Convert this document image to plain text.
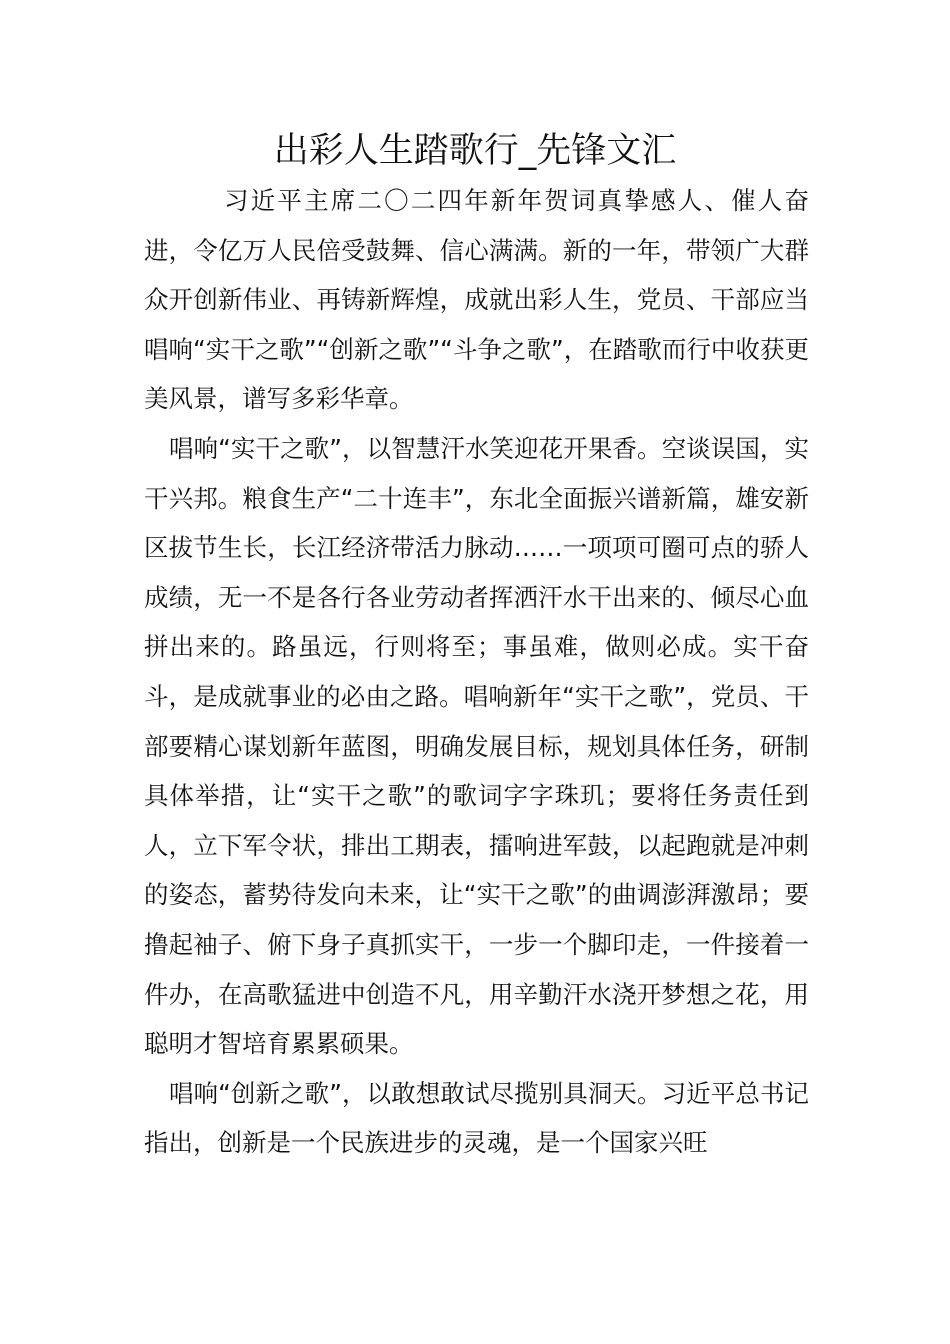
出彩人生踏歌行_先锋文汇

习近平主席二〇二四年新年贺词真挚感人、催人奋进，令亿万人民倍受鼓舞、信心满满。新的一年，带领广大群众开创新伟业、再铸新辉煌，成就出彩人生，党员、干部应当唱响“实干之歌”“创新之歌”“斗争之歌”，在踏歌而行中收获更美风景，谱写多彩华章。

唱响“实干之歌”，以智慧汗水笑迎花开果香。空谈误国，实干兴邦。粮食生产“二十连丰”，东北全面振兴谱新篇，雄安新区拔节生长，长江经济带活力脉动……一项项可圈可点的骄人成绩，无一不是各行各业劳动者挥洒汗水干出来的、倾尽心血拼出来的。路虽远，行则将至；事虽难，做则必成。实干奋斗，是成就事业的必由之路。唱响新年“实干之歌”，党员、干部要精心谋划新年蓝图，明确发展目标，规划具体任务，研制具体举措，让“实干之歌”的歌词字字珠玑；要将任务责任到人，立下军令状，排出工期表，擂响进军鼓，以起跑就是冲刺的姿态，蓄势待发向未来，让“实干之歌”的曲调澎湃激昂；要撸起袖子、俯下身子真抓实干，一步一个脚印走，一件接着一件办，在高歌猛进中创造不凡，用辛勤汗水浇开梦想之花，用聪明才智培育累累硕果。

唱响“创新之歌”，以敢想敢试尽揽别具洞天。习近平总书记指出，创新是一个民族进步的灵魂，是一个国家兴旺
